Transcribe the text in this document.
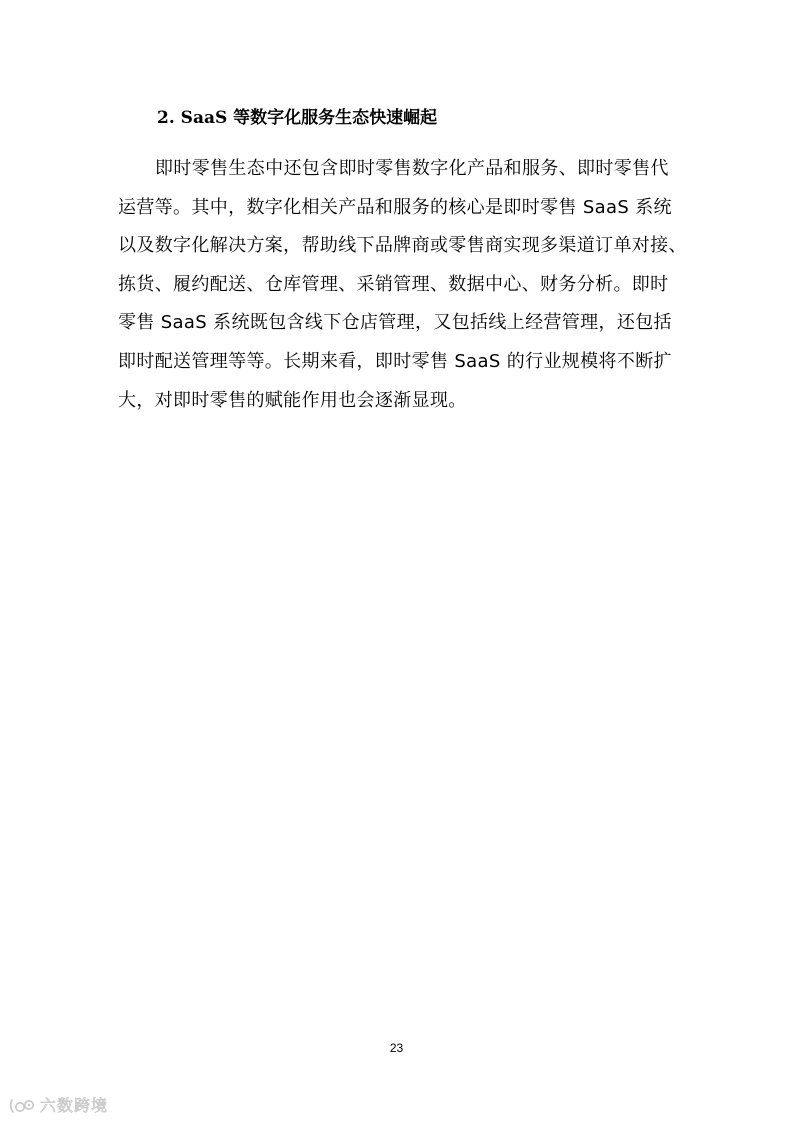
2. SaaS 等数字化服务生态快速崛起
即时零售生态中还包含即时零售数字化产品和服务、即时零售代
运营等。其中，数字化相关产品和服务的核心是即时零售 SaaS 系统
以及数字化解决方案，帮助线下品牌商或零售商实现多渠道订单对接、
拣货、履约配送、仓库管理、采销管理、数据中心、财务分析。即时
零售 SaaS 系统既包含线下仓店管理，又包括线上经营管理，还包括
即时配送管理等等。长期来看，即时零售 SaaS 的行业规模将不断扩
大，对即时零售的赋能作用也会逐渐显现。
23
六数跨境
